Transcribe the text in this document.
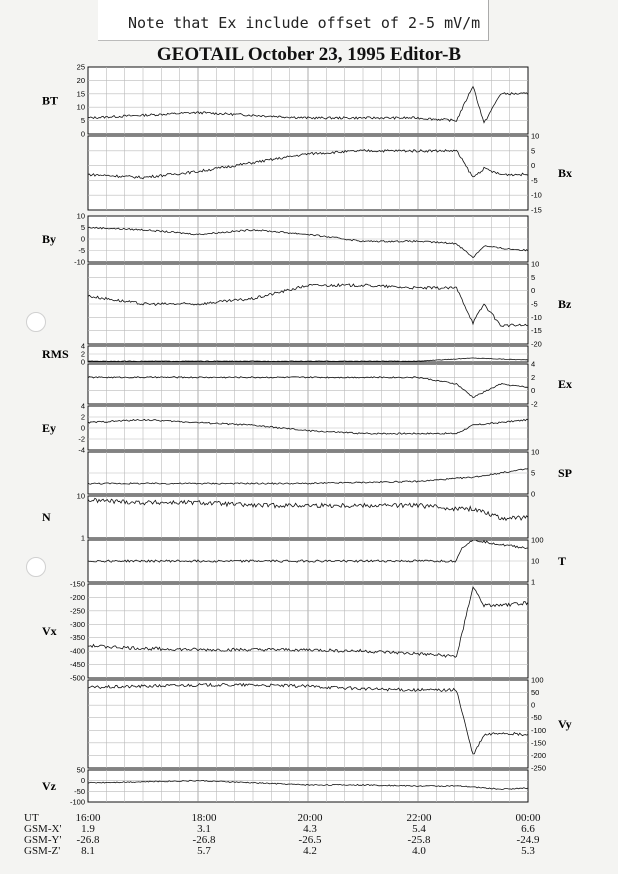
Note that Ex include offset of 2-5 mV/m
GEOTAIL October 23, 1995 Editor-B
25
20
15
10
5
0
BT
10
5
0
-5
-10
-15
Bx
10
5
0
-5
-10
By
10
5
0
-5
-10
-15
-20
Bz
4
2
0
RMS
4
2
0
-2
Ex
4
2
0
-2
-4
Ey
10
5
0
SP
10
1
N
100
10
1
T
-150
-200
-250
-300
-350
-400
-450
-500
Vx
100
50
0
-50
-100
-150
-200
-250
Vy
50
0
-50
-100
Vz
UT
GSM-X'
GSM-Y'
GSM-Z'
16:00
1.9
-26.8
8.1
18:00
3.1
-26.8
5.7
20:00
4.3
-26.5
4.2
22:00
5.4
-25.8
4.0
00:00
6.6
-24.9
5.3
